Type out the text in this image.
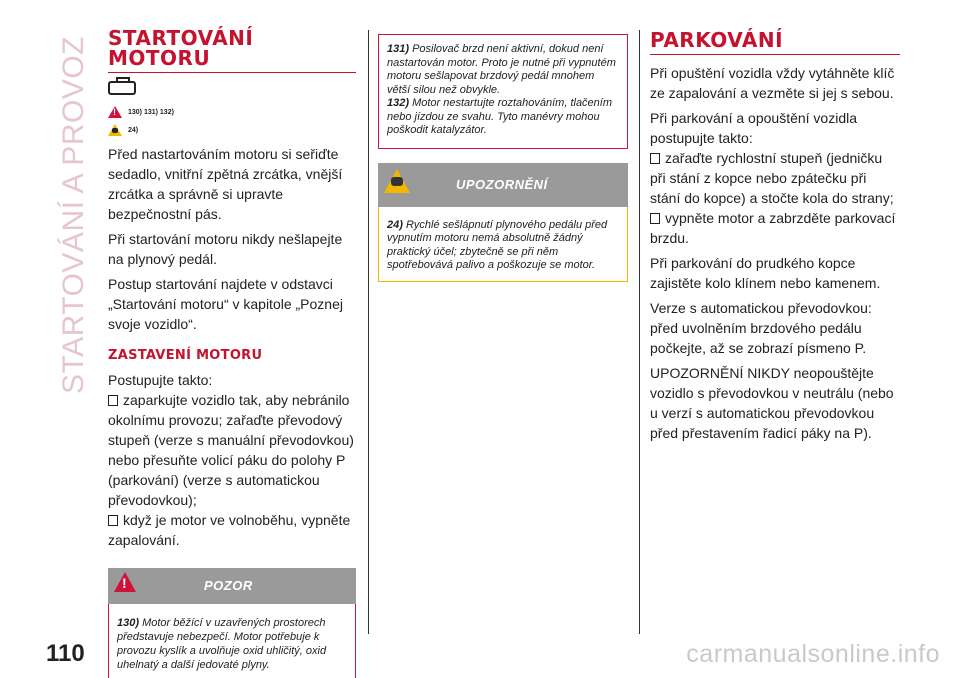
STARTOVÁNÍ A PROVOZ STARTOVÁNÍ
MOTORU
!
130) 131) 132)
24)

Před nastartováním motoru si seřiďte sedadlo, vnitřní zpětná zrcátka, vnější zrcátka a správně si upravte bezpečnostní pás.

Při startování motoru nikdy nešlapejte na plynový pedál.

Postup startování najdete v odstavci „Startování motoru“ v kapitole „Poznej svoje vozidlo“.

ZASTAVENÍ MOTORU

Postupujte takto:

zaparkujte vozidlo tak, aby nebránilo okolnímu provozu; zařaďte převodový stupeň (verze s manuální převodovkou) nebo přesuňte volicí páku do polohy P (parkování) (verze s automatickou převodovkou);

když je motor ve volnoběhu, vypněte zapalování.

!
POZOR
130) Motor běžící v uzavřených prostorech představuje nebezpečí. Motor potřebuje k provozu kyslík a uvolňuje oxid uhličitý, oxid uhelnatý a další jedovaté plyny.
131) Posilovač brzd není aktivní, dokud není nastartován motor. Proto je nutné při vypnutém motoru sešlapovat brzdový pedál mnohem větší silou než obvykle.
132) Motor nestartujte roztahováním, tlačením nebo jízdou ze svahu. Tyto manévry mohou poškodit katalyzátor.
UPOZORNĚNÍ
24) Rychlé sešlápnutí plynového pedálu před vypnutím motoru nemá absolutně žádný praktický účel; zbytečně se při něm spotřebovává palivo a poškozuje se motor.
PARKOVÁNÍ

Při opuštění vozidla vždy vytáhněte klíč ze zapalování a vezměte si jej s sebou.

Při parkování a opouštění vozidla postupujte takto:

zařaďte rychlostní stupeň (jedničku při stání z kopce nebo zpátečku při stání do kopce) a stočte kola do strany;

vypněte motor a zabrzděte parkovací brzdu.

Při parkování do prudkého kopce zajistěte kolo klínem nebo kamenem.

Verze s automatickou převodovkou: před uvolněním brzdového pedálu počkejte, až se zobrazí písmeno P.

UPOZORNĚNÍ NIKDY neopouštějte vozidlo s převodovkou v neutrálu (nebo u verzí s automatickou převodovkou před přestavením řadicí páky na P).

110	carmanualsonline.info
